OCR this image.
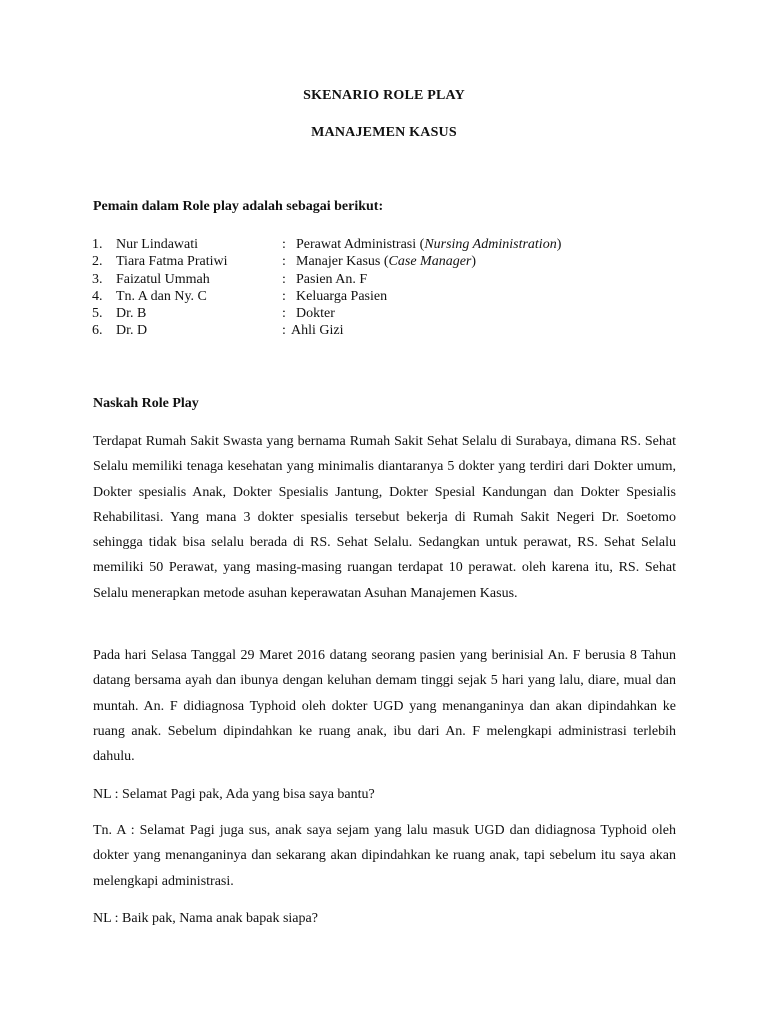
SKENARIO ROLE PLAY
MANAJEMEN KASUS
Pemain dalam Role play adalah sebagai berikut:
1. Nur Lindawati	: Perawat Administrasi (Nursing Administration)
2. Tiara Fatma Pratiwi	: Manajer Kasus (Case Manager)
3. Faizatul Ummah	: Pasien An. F
4. Tn. A dan Ny. C	: Keluarga Pasien
5. Dr. B	: Dokter
6. Dr. D	: Ahli Gizi
Naskah Role Play

Terdapat Rumah Sakit Swasta yang bernama Rumah Sakit Sehat Selalu di Surabaya, dimana RS. Sehat Selalu memiliki tenaga kesehatan yang minimalis diantaranya 5 dokter yang terdiri dari Dokter umum, Dokter spesialis Anak, Dokter Spesialis Jantung, Dokter Spesial Kandungan dan Dokter Spesialis Rehabilitasi. Yang mana 3 dokter spesialis tersebut bekerja di Rumah Sakit Negeri Dr. Soetomo sehingga tidak bisa selalu berada di RS. Sehat Selalu. Sedangkan untuk perawat, RS. Sehat Selalu memiliki 50 Perawat, yang masing-masing ruangan terdapat 10 perawat. oleh karena itu, RS. Sehat Selalu menerapkan metode asuhan keperawatan Asuhan Manajemen Kasus.

Pada hari Selasa Tanggal 29 Maret 2016 datang seorang pasien yang berinisial An. F berusia 8 Tahun datang bersama ayah dan ibunya dengan keluhan demam tinggi sejak 5 hari yang lalu, diare, mual dan muntah. An. F didiagnosa Typhoid oleh dokter UGD yang menanganinya dan akan dipindahkan ke ruang anak. Sebelum dipindahkan ke ruang anak, ibu dari An. F melengkapi administrasi terlebih dahulu.

NL : Selamat Pagi pak, Ada yang bisa saya bantu?

Tn. A : Selamat Pagi juga sus, anak saya sejam yang lalu masuk UGD dan didiagnosa Typhoid oleh dokter yang menanganinya dan sekarang akan dipindahkan ke ruang anak, tapi sebelum itu saya akan melengkapi administrasi.

NL : Baik pak, Nama anak bapak siapa?
